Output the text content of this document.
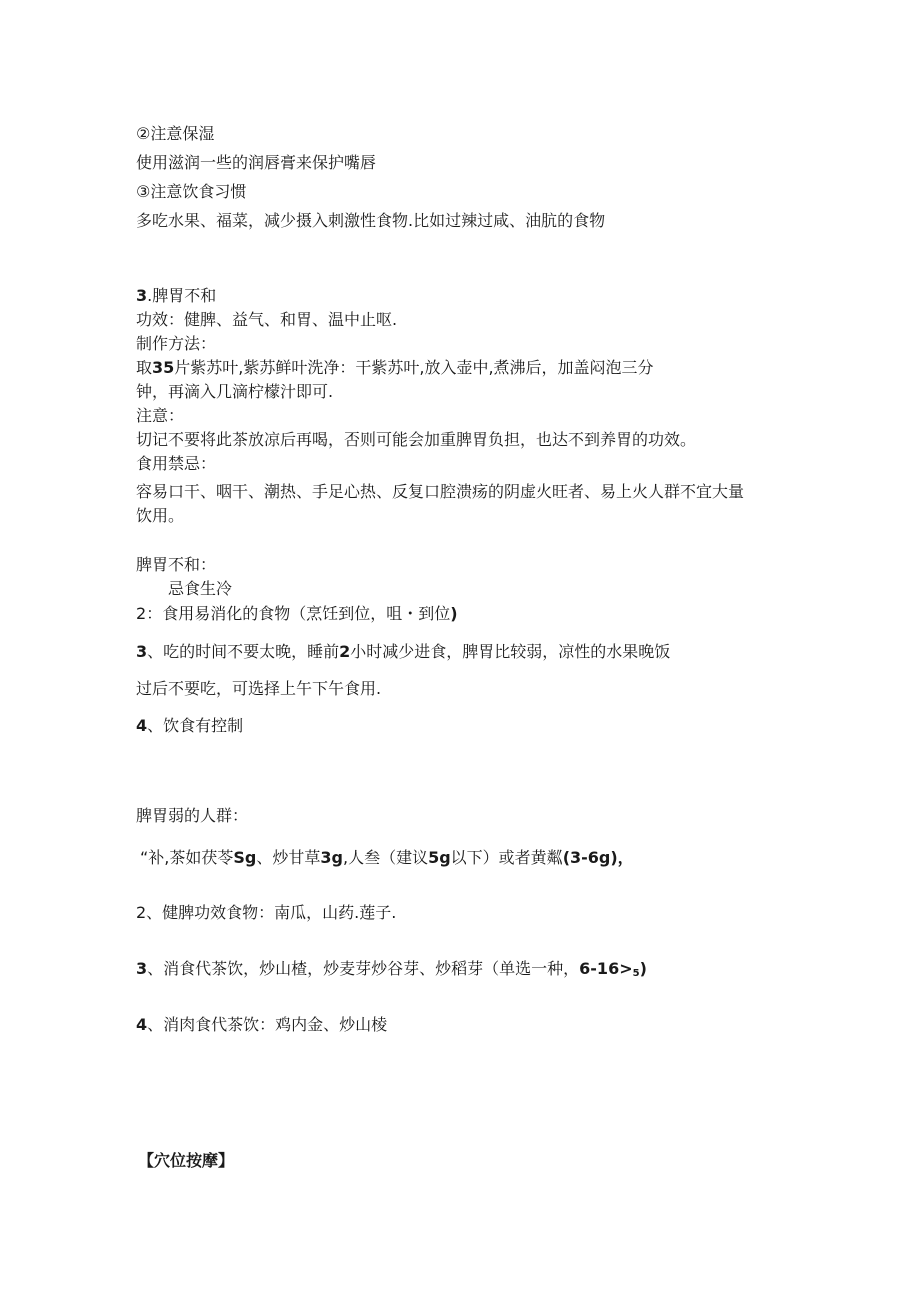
②注意保湿
使用滋润一些的润唇膏来保护嘴唇
③注意饮食习惯
多吃水果、福菜，减少摄入刺激性食物.比如过辣过咸、油肮的食物
3.脾胃不和
功效：健脾、益气、和胃、温中止呕.
制作方法：
取35片紫苏叶,紫苏鲜叶洗净：干紫苏叶,放入壶中,煮沸后，加盖闷泡三分
钟，再滴入几滴柠檬汁即可.
注意：
切记不要将此茶放凉后再喝，否则可能会加重脾胃负担，也达不到养胃的功效。
食用禁忌：
容易口干、咽干、潮热、手足心热、反复口腔溃疡的阴虚火旺者、易上火人群不宜大量
饮用。
脾胃不和：
忌食生冷
2：食用易消化的食物（烹饪到位，咀・到位)
3、吃的时间不要太晚，睡前2小时减少进食，脾胃比较弱，凉性的水果晚饭
过后不要吃，可选择上午下午食用.
4、饮食有控制
脾胃弱的人群：
“补,茶如茯苓Sg、炒甘草3g,人叁（建议5g以下）或者黄粼(3-6g)，
2、健脾功效食物：南瓜，山药.莲子.
3、消食代茶饮，炒山楂，炒麦芽炒谷芽、炒稻芽（单选一种，$6-16>_5$)
4、消肉食代茶饮：鸡内金、炒山棱
【穴位按摩】
